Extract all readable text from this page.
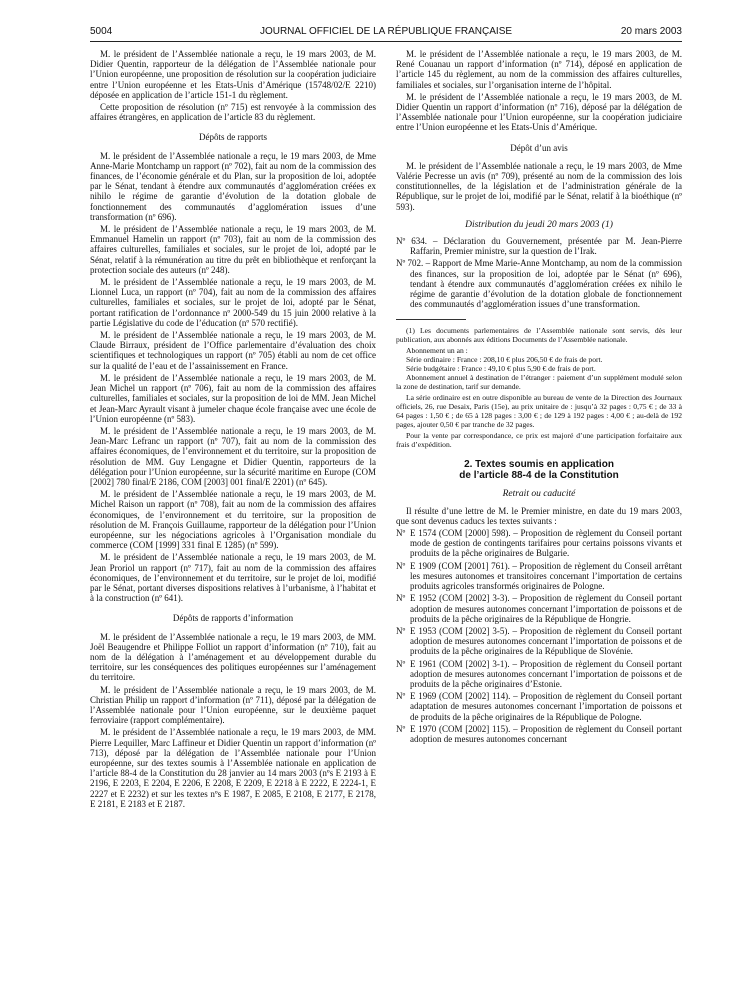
5004	JOURNAL OFFICIEL DE LA RÉPUBLIQUE FRANÇAISE	20 mars 2003

M. le président de l’Assemblée nationale a reçu, le 19 mars 2003, de M. Didier Quentin, rapporteur de la délégation de l’Assemblée nationale pour l’Union européenne, une proposition de résolution sur la coopération judiciaire entre l’Union européenne et les Etats-Unis d’Amérique (15748/02/E 2210) déposée en application de l’article 151-1 du règlement.

Cette proposition de résolution (nº 715) est renvoyée à la commission des affaires étrangères, en application de l’article 83 du règlement.

Dépôts de rapports

M. le président de l’Assemblée nationale a reçu, le 19 mars 2003, de Mme Anne-Marie Montchamp un rapport (nº 702), fait au nom de la commission des finances, de l’économie générale et du Plan, sur la proposition de loi, adoptée par le Sénat, tendant à étendre aux communautés d’agglomération créées ex nihilo le régime de garantie d’évolution de la dotation globale de fonctionnement des communautés d’agglomération issues d’une transformation (nº 696).

M. le président de l’Assemblée nationale a reçu, le 19 mars 2003, de M. Emmanuel Hamelin un rapport (nº 703), fait au nom de la commission des affaires culturelles, familiales et sociales, sur le projet de loi, adopté par le Sénat, relatif à la rémunération au titre du prêt en bibliothèque et renforçant la protection sociale des auteurs (nº 248).

M. le président de l’Assemblée nationale a reçu, le 19 mars 2003, de M. Lionnel Luca, un rapport (nº 704), fait au nom de la commission des affaires culturelles, familiales et sociales, sur le projet de loi, adopté par le Sénat, portant ratification de l’ordonnance nº 2000-549 du 15 juin 2000 relative à la partie Législative du code de l’éducation (nº 570 rectifié).

M. le président de l’Assemblée nationale a reçu, le 19 mars 2003, de M. Claude Birraux, président de l’Office parlementaire d’évaluation des choix scientifiques et technologiques un rapport (nº 705) établi au nom de cet office sur la qualité de l’eau et de l’assainissement en France.

M. le président de l’Assemblée nationale a reçu, le 19 mars 2003, de M. Jean Michel un rapport (nº 706), fait au nom de la commission des affaires culturelles, familiales et sociales, sur la proposition de loi de MM. Jean Michel et Jean-Marc Ayrault visant à jumeler chaque école française avec une école de l’Union européenne (nº 583).

M. le président de l’Assemblée nationale a reçu, le 19 mars 2003, de M. Jean-Marc Lefranc un rapport (nº 707), fait au nom de la commission des affaires économiques, de l’environnement et du territoire, sur la proposition de résolution de MM. Guy Lengagne et Didier Quentin, rapporteurs de la délégation pour l’Union européenne, sur la sécurité maritime en Europe (COM [2002] 780 final/E 2186, COM [2003] 001 final/E 2201) (nº 645).

M. le président de l’Assemblée nationale a reçu, le 19 mars 2003, de M. Michel Raison un rapport (nº 708), fait au nom de la commission des affaires économiques, de l’environnement et du territoire, sur la proposition de résolution de M. François Guillaume, rapporteur de la délégation pour l’Union européenne, sur les négociations agricoles à l’Organisation mondiale du commerce (COM [1999] 331 final E 1285) (nº 599).

M. le président de l’Assemblée nationale a reçu, le 19 mars 2003, de M. Jean Proriol un rapport (nº 717), fait au nom de la commission des affaires économiques, de l’environnement et du territoire, sur le projet de loi, modifié par le Sénat, portant diverses dispositions relatives à l’urbanisme, à l’habitat et à la construction (nº 641).

Dépôts de rapports d’information

M. le président de l’Assemblée nationale a reçu, le 19 mars 2003, de MM. Joël Beaugendre et Philippe Folliot un rapport d’information (nº 710), fait au nom de la délégation à l’aménagement et au développement durable du territoire, sur les conséquences des politiques européennes sur l’aménagement du territoire.

M. le président de l’Assemblée nationale a reçu, le 19 mars 2003, de M. Christian Philip un rapport d’information (nº 711), déposé par la délégation de l’Assemblée nationale pour l’Union européenne, sur le deuxième paquet ferroviaire (rapport complémentaire).

M. le président de l’Assemblée nationale a reçu, le 19 mars 2003, de MM. Pierre Lequiller, Marc Laffineur et Didier Quentin un rapport d’information (nº 713), déposé par la délégation de l’Assemblée nationale pour l’Union européenne, sur des textes soumis à l’Assemblée nationale en application de l’article 88-4 de la Constitution du 28 janvier au 14 mars 2003 (nºs E 2193 à E 2196, E 2203, E 2204, E 2206, E 2208, E 2209, E 2218 à E 2222, E 2224-1, E 2227 et E 2232) et sur les textes nºs E 1987, E 2085, E 2108, E 2177, E 2178, E 2181, E 2183 et E 2187.

M. le président de l’Assemblée nationale a reçu, le 19 mars 2003, de M. René Couanau un rapport d’information (nº 714), déposé en application de l’article 145 du règlement, au nom de la commission des affaires culturelles, familiales et sociales, sur l’organisation interne de l’hôpital.

M. le président de l’Assemblée nationale a reçu, le 19 mars 2003, de M. Didier Quentin un rapport d’information (nº 716), déposé par la délégation de l’Assemblée nationale pour l’Union européenne, sur la coopération judiciaire entre l’Union européenne et les Etats-Unis d’Amérique.

Dépôt d’un avis

M. le président de l’Assemblée nationale a reçu, le 19 mars 2003, de Mme Valérie Pecresse un avis (nº 709), présenté au nom de la commission des lois constitutionnelles, de la législation et de l’administration générale de la République, sur le projet de loi, modifié par le Sénat, relatif à la bioéthique (nº 593).

Distribution du jeudi 20 mars 2003 (1)
Nº 634. – Déclaration du Gouvernement, présentée par M. Jean-Pierre Raffarin, Premier ministre, sur la question de l’Irak.
Nº 702. – Rapport de Mme Marie-Anne Montchamp, au nom de la commission des finances, sur la proposition de loi, adoptée par le Sénat (nº 696), tendant à étendre aux communautés d’agglomération créées ex nihilo le régime de garantie d’évolution de la dotation globale de fonctionnement des communautés d’agglomération issues d’une transformation.

(1) Les documents parlementaires de l’Assemblée nationale sont servis, dès leur publication, aux abonnés aux éditions Documents de l’Assemblée nationale.

Abonnement un an :

Série ordinaire : France : 208,10 € plus 206,50 € de frais de port.

Série budgétaire : France : 49,10 € plus 5,90 € de frais de port.

Abonnement annuel à destination de l’étranger : paiement d’un supplément modulé selon la zone de destination, tarif sur demande.

La série ordinaire est en outre disponible au bureau de vente de la Direction des Journaux officiels, 26, rue Desaix, Paris (15e), au prix unitaire de : jusqu’à 32 pages : 0,75 € ; de 33 à 64 pages : 1,50 € ; de 65 à 128 pages : 3,00 € ; de 129 à 192 pages : 4,00 € ; au-delà de 192 pages, ajouter 0,50 € par tranche de 32 pages.

Pour la vente par correspondance, ce prix est majoré d’une participation forfaitaire aux frais d’expédition.

2. Textes soumis en application
de l’article 88-4 de la Constitution
Retrait ou caducité

Il résulte d’une lettre de M. le Premier ministre, en date du 19 mars 2003, que sont devenus caducs les textes suivants :

Nº E 1574 (COM [2000] 598). – Proposition de règlement du Conseil portant mode de gestion de contingents tarifaires pour certains poissons vivants et produits de la pêche originaires de Bulgarie.
Nº E 1909 (COM [2001] 761). – Proposition de règlement du Conseil arrêtant les mesures autonomes et transitoires concernant l’importation de certains produits agricoles transformés originaires de Pologne.
Nº E 1952 (COM [2002] 3-3). – Proposition de règlement du Conseil portant adoption de mesures autonomes concernant l’importation de poissons et de produits de la pêche originaires de la République de Hongrie.
Nº E 1953 (COM [2002] 3-5). – Proposition de règlement du Conseil portant adoption de mesures autonomes concernant l’importation de poissons et de produits de la pêche originaires de la République de Slovénie.
Nº E 1961 (COM [2002] 3-1). – Proposition de règlement du Conseil portant adoption de mesures autonomes concernant l’importation de poissons et de produits de la pêche originaires d’Estonie.
Nº E 1969 (COM [2002] 114). – Proposition de règlement du Conseil portant adaptation de mesures autonomes concernant l’importation de poissons et de produits de la pêche originaires de la République de Pologne.
Nº E 1970 (COM [2002] 115). – Proposition de règlement du Conseil portant adoption de mesures autonomes concernant
